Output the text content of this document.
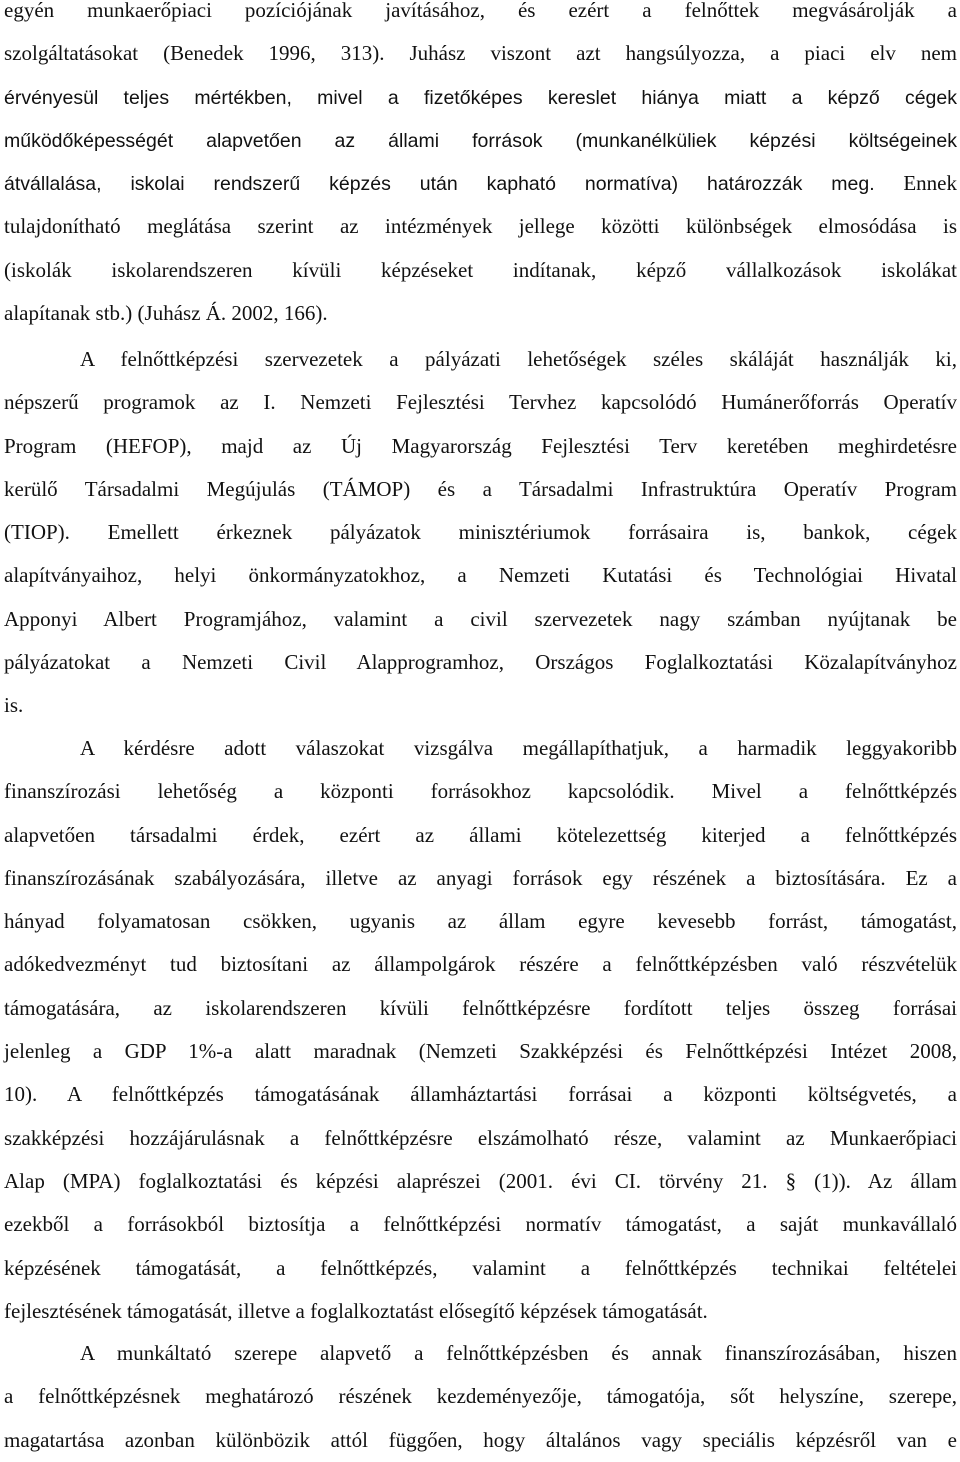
egyén munkaerőpiaci pozíciójának javításához, és ezért a felnőttek megvásárolják a
szolgáltatásokat (Benedek 1996, 313). Juhász viszont azt hangsúlyozza, a piaci elv nem
érvényesül teljes mértékben, mivel a fizetőképes kereslet hiánya miatt a képző cégek
működőképességét alapvetően az állami források (munkanélküliek képzési költségeinek
átvállalása, iskolai rendszerű képzés után kapható normatíva) határozzák meg. Ennek
tulajdonítható meglátása szerint az intézmények jellege közötti különbségek elmosódása is
(iskolák iskolarendszeren kívüli képzéseket indítanak, képző vállalkozások iskolákat
alapítanak stb.) (Juhász Á. 2002, 166).
A felnőttképzési szervezetek a pályázati lehetőségek széles skáláját használják ki,
népszerű programok az I. Nemzeti Fejlesztési Tervhez kapcsolódó Humánerőforrás Operatív
Program (HEFOP), majd az Új Magyarország Fejlesztési Terv keretében meghirdetésre
kerülő Társadalmi Megújulás (TÁMOP) és a Társadalmi Infrastruktúra Operatív Program
(TIOP). Emellett érkeznek pályázatok minisztériumok forrásaira is, bankok, cégek
alapítványaihoz, helyi önkormányzatokhoz, a Nemzeti Kutatási és Technológiai Hivatal
Apponyi Albert Programjához, valamint a civil szervezetek nagy számban nyújtanak be
pályázatokat a Nemzeti Civil Alapprogramhoz, Országos Foglalkoztatási Közalapítványhoz
is.
A kérdésre adott válaszokat vizsgálva megállapíthatjuk, a harmadik leggyakoribb
finanszírozási lehetőség a központi forrásokhoz kapcsolódik. Mivel a felnőttképzés
alapvetően társadalmi érdek, ezért az állami kötelezettség kiterjed a felnőttképzés
finanszírozásának szabályozására, illetve az anyagi források egy részének a biztosítására. Ez a
hányad folyamatosan csökken, ugyanis az állam egyre kevesebb forrást, támogatást,
adókedvezményt tud biztosítani az állampolgárok részére a felnőttképzésben való részvételük
támogatására, az iskolarendszeren kívüli felnőttképzésre fordított teljes összeg forrásai
jelenleg a GDP 1%-a alatt maradnak (Nemzeti Szakképzési és Felnőttképzési Intézet 2008,
10). A felnőttképzés támogatásának államháztartási forrásai a központi költségvetés, a
szakképzési hozzájárulásnak a felnőttképzésre elszámolható része, valamint az Munkaerőpiaci
Alap (MPA) foglalkoztatási és képzési alaprészei (2001. évi CI. törvény 21. § (1)). Az állam
ezekből a forrásokból biztosítja a felnőttképzési normatív támogatást, a saját munkavállaló
képzésének támogatását, a felnőttképzés, valamint a felnőttképzés technikai feltételei
fejlesztésének támogatását, illetve a foglalkoztatást elősegítő képzések támogatását.
A munkáltató szerepe alapvető a felnőttképzésben és annak finanszírozásában, hiszen
a felnőttképzésnek meghatározó részének kezdeményezője, támogatója, sőt helyszíne, szerepe,
magatartása azonban különbözik attól függően, hogy általános vagy speciális képzésről van e
